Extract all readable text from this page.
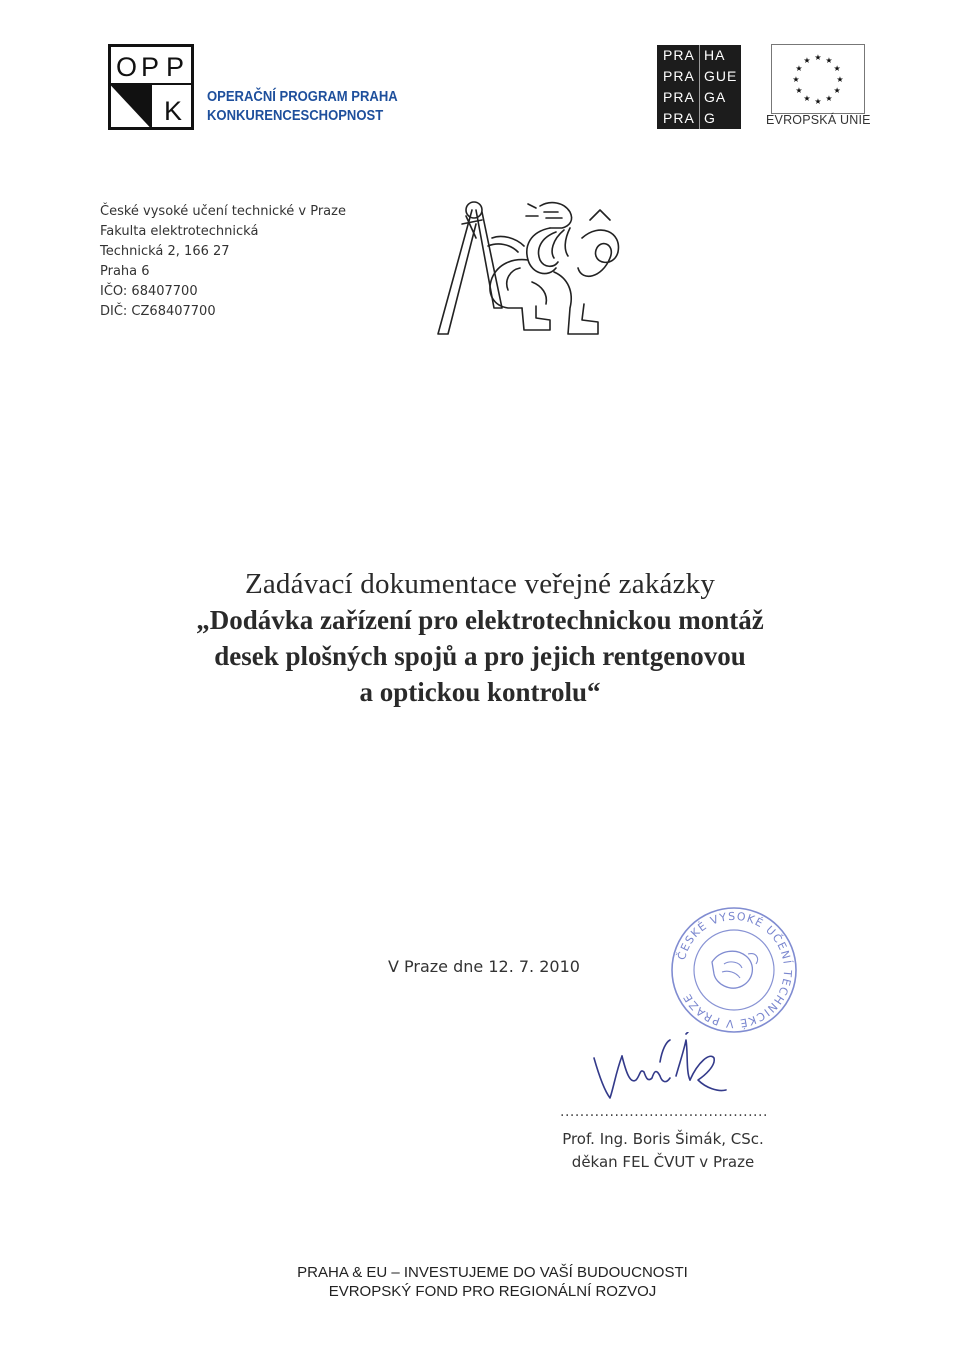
O P P
K OPERAČNÍ PROGRAM PRAHA
KONKURENCESCHOPNOST
PRA HA
PRA GUE
PRA GA
PRA G
★ ★
★
★
★
★
★
★
★
★
★
★
EVROPSKÁ UNIE
České vysoké učení technické v Praze
Fakulta elektrotechnická
Technická 2, 166 27
Praha 6
IČO: 68407700
DIČ: CZ68407700
Zadávací dokumentace veřejné zakázky
„Dodávka zařízení pro elektrotechnickou montáž
desek plošných spojů a pro jejich rentgenovou
a optickou kontrolu“
V Praze dne 12. 7. 2010
ČESKÉ VYSOKÉ UČENÍ TECHNICKÉ V PRAZE
..........................................
Prof. Ing. Boris Šimák, CSc.
děkan FEL ČVUT v Praze
PRAHA & EU – INVESTUJEME DO VAŠÍ BUDOUCNOSTI
EVROPSKÝ FOND PRO REGIONÁLNÍ ROZVOJ
